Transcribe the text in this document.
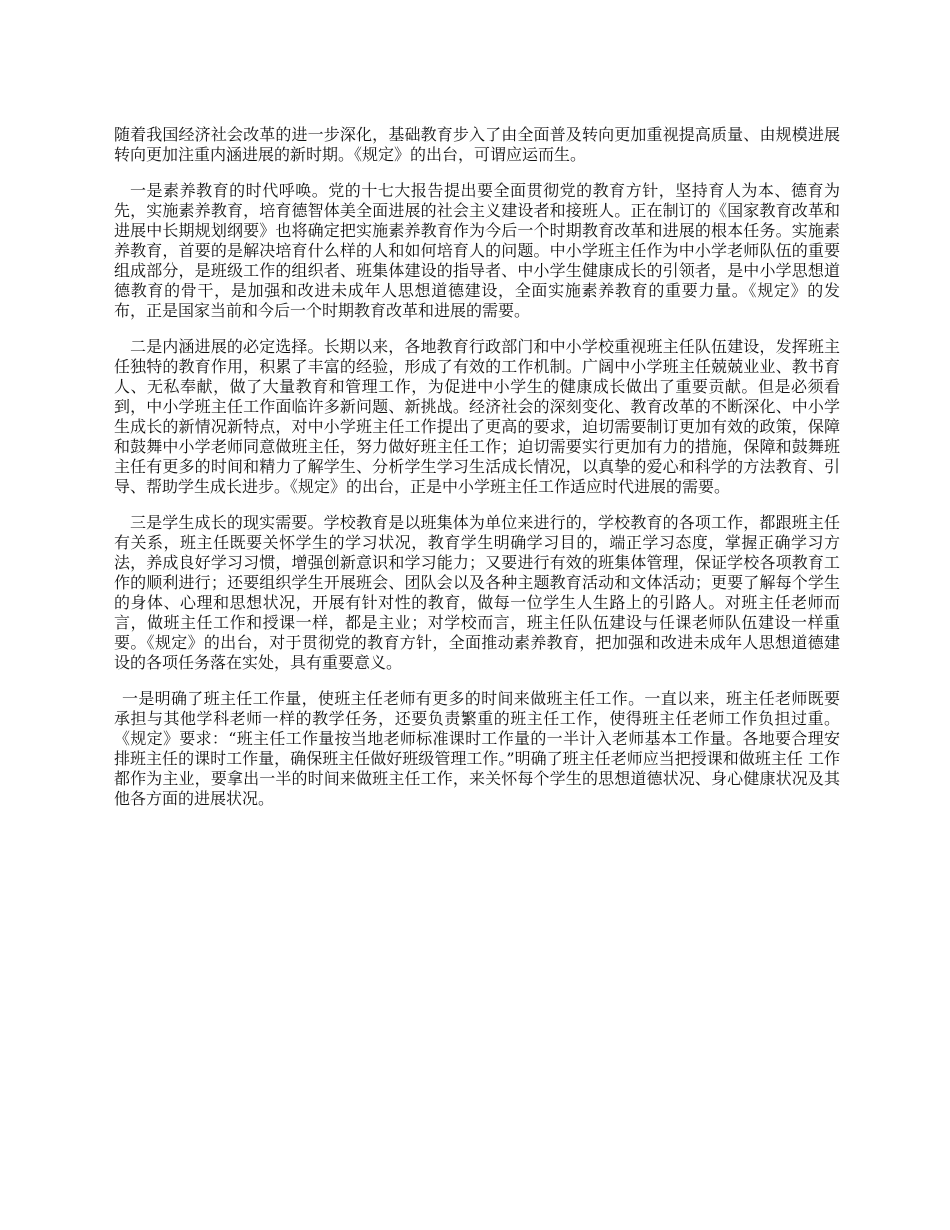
随着我国经济社会改革的进一步深化，基础教育步入了由全面普及转向更加重视提高质量、由规模进展转向更加注重内涵进展的新时期。《规定》的出台，可谓应运而生。

一是素养教育的时代呼唤。党的十七大报告提出要全面贯彻党的教育方针，坚持育人为本、德育为先，实施素养教育，培育德智体美全面进展的社会主义建设者和接班人。正在制订的《国家教育改革和进展中长期规划纲要》也将确定把实施素养教育作为今后一个时期教育改革和进展的根本任务。实施素养教育，首要的是解决培育什么样的人和如何培育人的问题。中小学班主任作为中小学老师队伍的重要组成部分，是班级工作的组织者、班集体建设的指导者、中小学生健康成长的引领者，是中小学思想道德教育的骨干，是加强和改进未成年人思想道德建设，全面实施素养教育的重要力量。《规定》的发布，正是国家当前和今后一个时期教育改革和进展的需要。

二是内涵进展的必定选择。长期以来，各地教育行政部门和中小学校重视班主任队伍建设，发挥班主任独特的教育作用，积累了丰富的经验，形成了有效的工作机制。广阔中小学班主任兢兢业业、教书育人、无私奉献，做了大量教育和管理工作，为促进中小学生的健康成长做出了重要贡献。但是必须看到，中小学班主任工作面临许多新问题、新挑战。经济社会的深刻变化、教育改革的不断深化、中小学生成长的新情况新特点，对中小学班主任工作提出了更高的要求，迫切需要制订更加有效的政策，保障和鼓舞中小学老师同意做班主任，努力做好班主任工作；迫切需要实行更加有力的措施，保障和鼓舞班主任有更多的时间和精力了解学生、分析学生学习生活成长情况，以真挚的爱心和科学的方法教育、引导、帮助学生成长进步。《规定》的出台，正是中小学班主任工作适应时代进展的需要。

三是学生成长的现实需要。学校教育是以班集体为单位来进行的，学校教育的各项工作，都跟班主任有关系，班主任既要关怀学生的学习状况，教育学生明确学习目的，端正学习态度，掌握正确学习方法，养成良好学习习惯，增强创新意识和学习能力；又要进行有效的班集体管理，保证学校各项教育工作的顺利进行；还要组织学生开展班会、团队会以及各种主题教育活动和文体活动；更要了解每个学生的身体、心理和思想状况，开展有针对性的教育，做每一位学生人生路上的引路人。对班主任老师而言，做班主任工作和授课一样，都是主业；对学校而言，班主任队伍建设与任课老师队伍建设一样重要。《规定》的出台，对于贯彻党的教育方针，全面推动素养教育，把加强和改进未成年人思想道德建设的各项任务落在实处，具有重要意义。

一是明确了班主任工作量，使班主任老师有更多的时间来做班主任工作。一直以来，班主任老师既要承担与其他学科老师一样的教学任务，还要负责繁重的班主任工作，使得班主任老师工作负担过重。《规定》要求：“班主任工作量按当地老师标准课时工作量的一半计入老师基本工作量。各地要合理安排班主任的课时工作量，确保班主任做好班级管理工作。”明确了班主任老师应当把授课和做班主任 工作都作为主业，要拿出一半的时间来做班主任工作，来关怀每个学生的思想道德状况、身心健康状况及其他各方面的进展状况。
